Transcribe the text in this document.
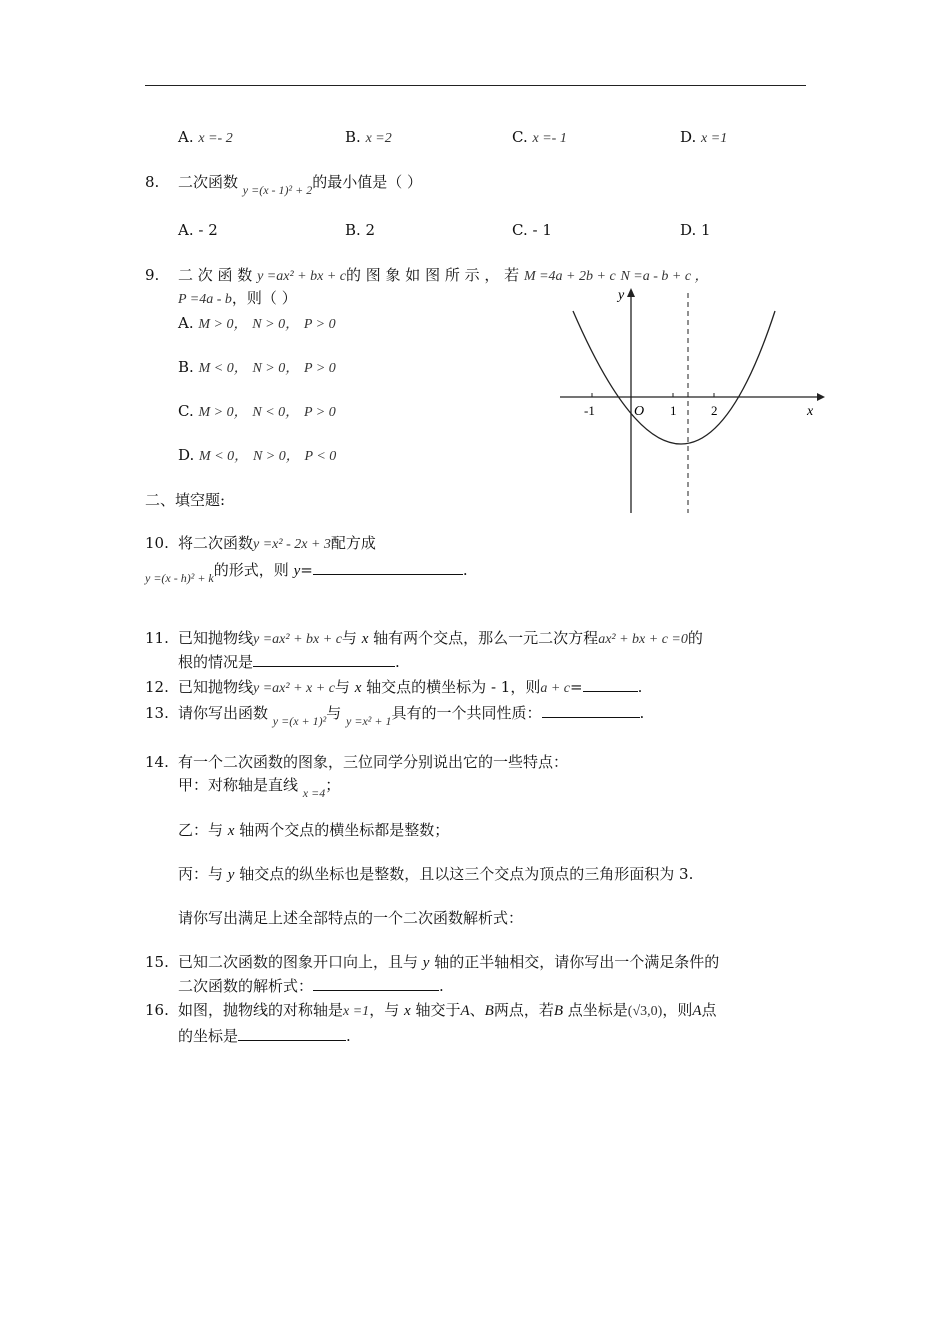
A. x =- 2	B. x =2	C. x =- 1	D. x =1
8. 二次函数 $_{y =(x - 1)^2 + 2}$的最小值是（ ）
A. - 2	B. 2	C. - 1	D. 1
9. 二 次 函 数 y =ax² + bx + c的 图 象 如 图 所 示 ， 若 M =4a + 2b + c N =a - b + c ，
P =4a - b，则（ ）
A. M > 0， N > 0， P > 0
B. M < 0， N > 0， P > 0
C. M > 0， N < 0， P > 0
D. M < 0， N > 0， P < 0
y
x
O
-1	1	2
二、填空题:
10. 将二次函数y =x² - 2x + 3配方成
$_{y =(x - h)^2 + k}$的形式，则 y=	.
11. 已知抛物线y =ax² + bx + c与 x 轴有两个交点，那么一元二次方程ax² + bx + c =0的
根的情况是	.
12. 已知抛物线y =ax² + x + c与 x 轴交点的横坐标为 - 1，则a + c=	.
13. 请你写出函数 $_{y =(x + 1)^2}$与 $_{y =x^2 + 1}$具有的一个共同性质：	.
14. 有一个二次函数的图象，三位同学分别说出它的一些特点：
甲：对称轴是直线 $_{x =4}$；
乙：与 x 轴两个交点的横坐标都是整数；
丙：与 y 轴交点的纵坐标也是整数，且以这三个交点为顶点的三角形面积为 3.
请你写出满足上述全部特点的一个二次函数解析式：
15. 已知二次函数的图象开口向上，且与 y 轴的正半轴相交，请你写出一个满足条件的
二次函数的解析式：	.
16. 如图，抛物线的对称轴是x =1，与 x 轴交于A、B两点，若B 点坐标是(√3,0)，则A点
的坐标是	.
